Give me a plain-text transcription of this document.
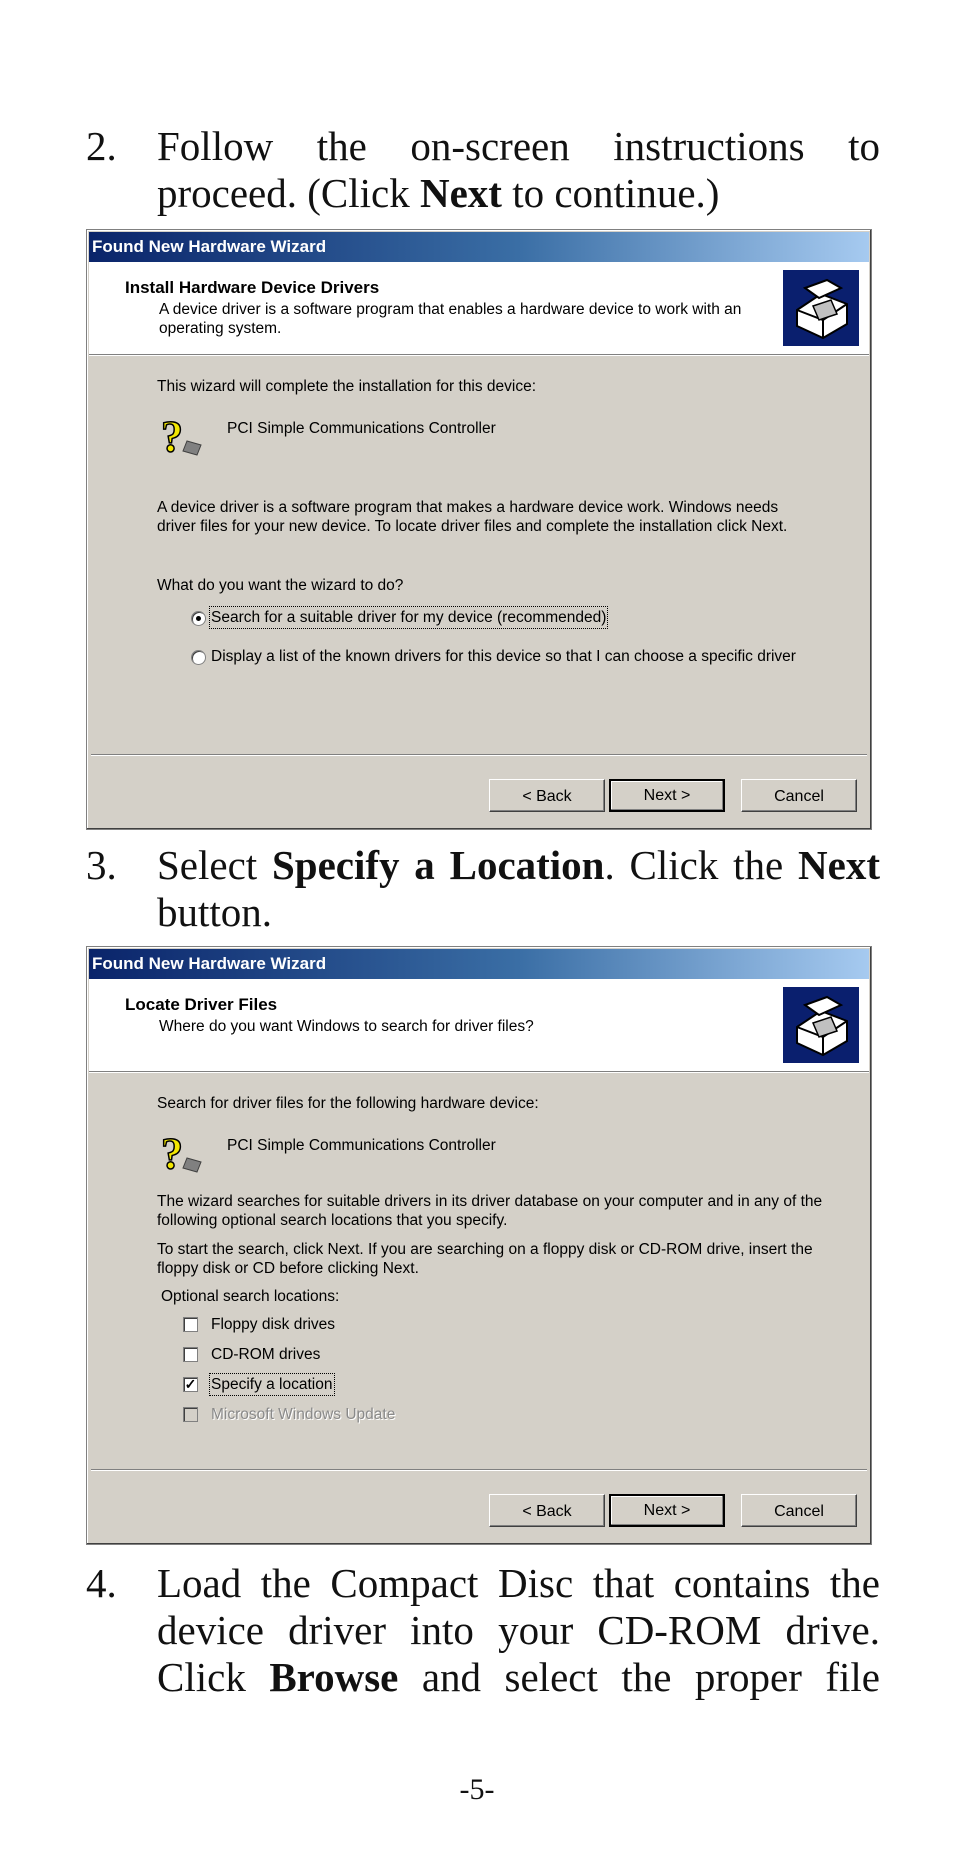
2. Follow the on-screen instructions to proceed. (Click Next to continue.)
Found New Hardware Wizard
Install Hardware Device Drivers
A device driver is a software program that enables a hardware device to work with an operating system.
This wizard will complete the installation for this device:
?	PCI Simple Communications Controller
A device driver is a software program that makes a hardware device work. Windows needs driver files for your new device. To locate driver files and complete the installation click Next.
What do you want the wizard to do?
Search for a suitable driver for my device (recommended)
Display a list of the known drivers for this device so that I can choose a specific driver
< Back	Next >	Cancel
3. Select Specify a Location. Click the Next button.
Found New Hardware Wizard
Locate Driver Files
Where do you want Windows to search for driver files?
Search for driver files for the following hardware device:
?	PCI Simple Communications Controller
The wizard searches for suitable drivers in its driver database on your computer and in any of the following optional search locations that you specify.
To start the search, click Next. If you are searching on a floppy disk or CD-ROM drive, insert the floppy disk or CD before clicking Next.
Optional search locations:
Floppy disk drives
CD-ROM drives
✓ Specify a location
Microsoft Windows Update
< Back	Next >	Cancel
4. Load the Compact Disc that contains the device driver into your CD-ROM drive. Click Browse and select the proper file
-5-
